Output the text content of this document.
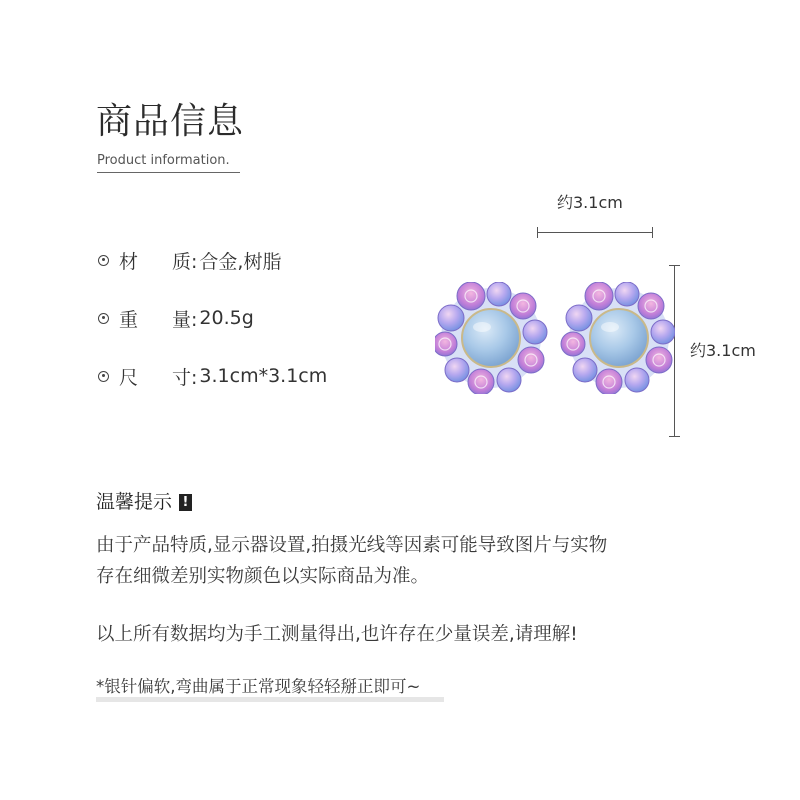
商品信息
Product information.
材	质: 合金,树脂
重	量: 20.5g
尺	寸: 3.1cm*3.1cm
约3.1cm
约3.1cm
温馨提示 !
由于产品特质,显示器设置,拍摄光线等因素可能导致图片与实物
存在细微差别实物颜色以实际商品为准。
以上所有数据均为手工测量得出,也许存在少量误差,请理解!
*银针偏软,弯曲属于正常现象轻轻掰正即可~
